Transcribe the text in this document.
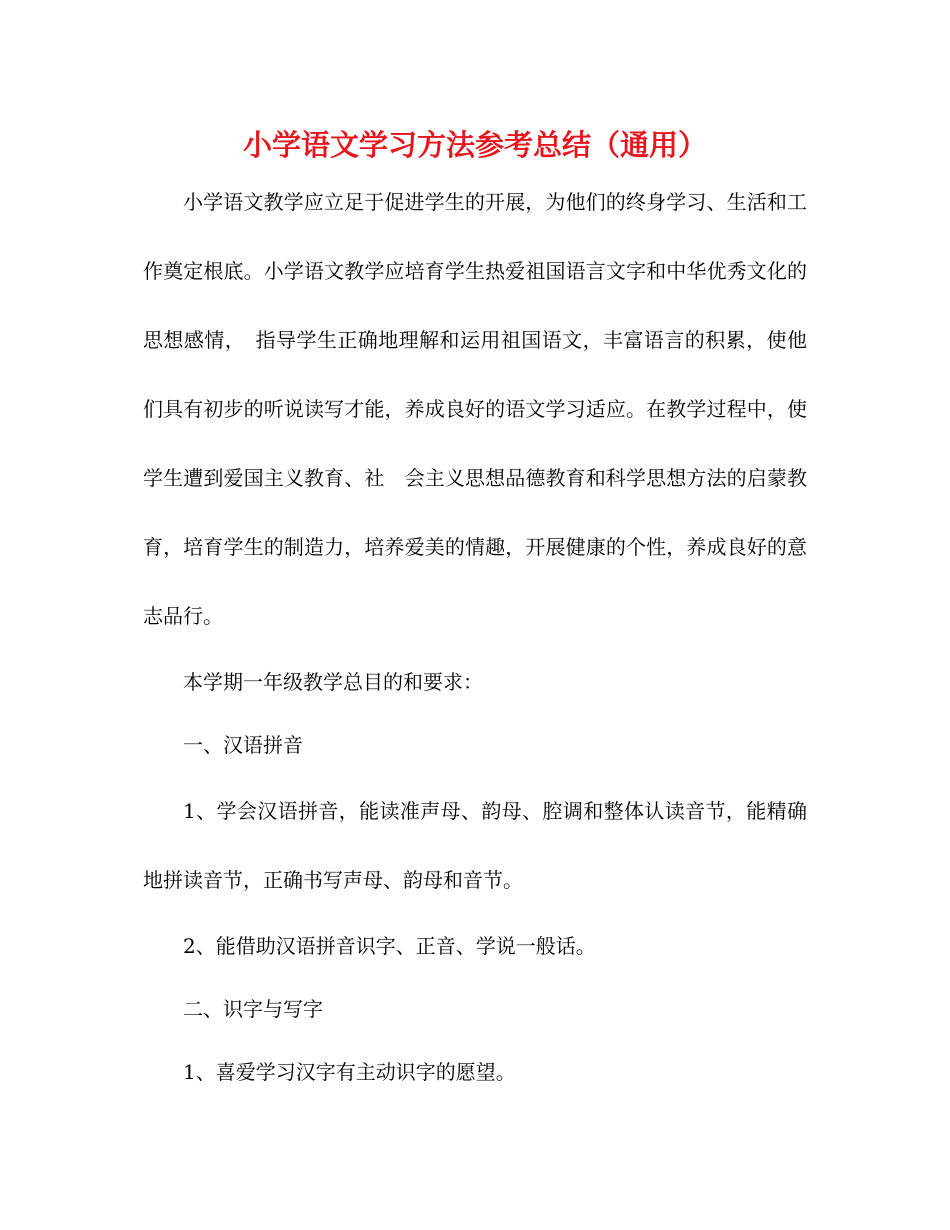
小学语文学习方法参考总结（通用）

小学语文教学应立足于促进学生的开展，为他们的终身学习、生活和工作奠定根底。小学语文教学应培育学生热爱祖国语言文字和中华优秀文化的思想感情，　指导学生正确地理解和运用祖国语文，丰富语言的积累，使他们具有初步的听说读写才能，养成良好的语文学习适应。在教学过程中，使学生遭到爱国主义教育、社　会主义思想品德教育和科学思想方法的启蒙教育，培育学生的制造力，培养爱美的情趣，开展健康的个性，养成良好的意志品行。

本学期一年级教学总目的和要求：

一、汉语拼音

1、学会汉语拼音，能读准声母、韵母、腔调和整体认读音节，能精确地拼读音节，正确书写声母、韵母和音节。

2、能借助汉语拼音识字、正音、学说一般话。

二、识字与写字

1、喜爱学习汉字有主动识字的愿望。
